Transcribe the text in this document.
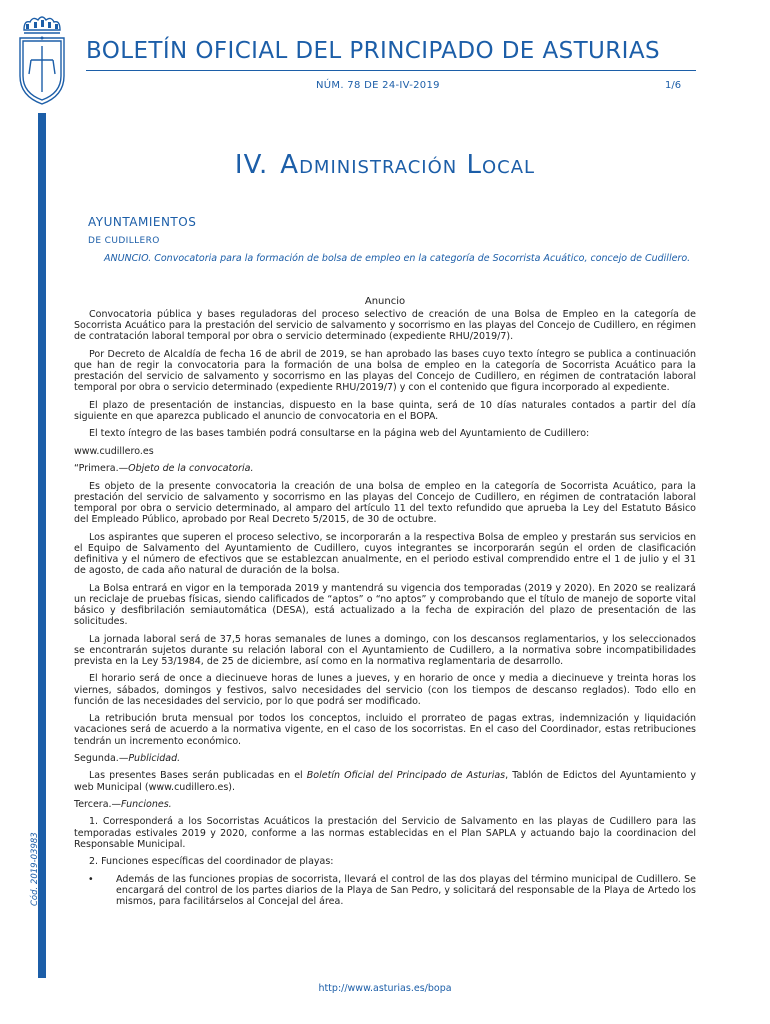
BOLETÍN OFICIAL DEL PRINCIPADO DE ASTURIAS
NÚM. 78 DE 24-IV-2019	1/6
Cód. 2019-03983
IV. Administración Local
AYUNTAMIENTOS
DE CUDILLERO
ANUNCIO. Convocatoria para la formación de bolsa de empleo en la categoría de Socorrista Acuático, concejo de Cudillero.
Anuncio

Convocatoria pública y bases reguladoras del proceso selectivo de creación de una Bolsa de Empleo en la categoría de Socorrista Acuático para la prestación del servicio de salvamento y socorrismo en las playas del Concejo de Cudillero, en régimen de contratación laboral temporal por obra o servicio determinado (expediente RHU/2019/7).

Por Decreto de Alcaldía de fecha 16 de abril de 2019, se han aprobado las bases cuyo texto íntegro se publica a continuación que han de regir la convocatoria para la formación de una bolsa de empleo en la categoría de Socorrista Acuático para la prestación del servicio de salvamento y socorrismo en las playas del Concejo de Cudillero, en régimen de contratación laboral temporal por obra o servicio determinado (expediente RHU/2019/7) y con el contenido que figura incorporado al expediente.

El plazo de presentación de instancias, dispuesto en la base quinta, será de 10 días naturales contados a partir del día siguiente en que aparezca publicado el anuncio de convocatoria en el BOPA.

El texto íntegro de las bases también podrá consultarse en la página web del Ayuntamiento de Cudillero:

www.cudillero.es

“Primera.—Objeto de la convocatoria.

Es objeto de la presente convocatoria la creación de una bolsa de empleo en la categoría de Socorrista Acuático, para la prestación del servicio de salvamento y socorrismo en las playas del Concejo de Cudillero, en régimen de contratación laboral temporal por obra o servicio determinado, al amparo del artículo 11 del texto refundido que aprueba la Ley del Estatuto Básico del Empleado Público, aprobado por Real Decreto 5/2015, de 30 de octubre.

Los aspirantes que superen el proceso selectivo, se incorporarán a la respectiva Bolsa de empleo y prestarán sus servicios en el Equipo de Salvamento del Ayuntamiento de Cudillero, cuyos integrantes se incorporarán según el orden de clasificación definitiva y el número de efectivos que se establezcan anualmente, en el periodo estival comprendido entre el 1 de julio y el 31 de agosto, de cada año natural de duración de la bolsa.

La Bolsa entrará en vigor en la temporada 2019 y mantendrá su vigencia dos temporadas (2019 y 2020). En 2020 se realizará un reciclaje de pruebas físicas, siendo calificados de “aptos” o “no aptos” y comprobando que el título de manejo de soporte vital básico y desfibrilación semiautomática (DESA), está actualizado a la fecha de expiración del plazo de presentación de las solicitudes.

La jornada laboral será de 37,5 horas semanales de lunes a domingo, con los descansos reglamentarios, y los seleccionados se encontrarán sujetos durante su relación laboral con el Ayuntamiento de Cudillero, a la normativa sobre incompatibilidades prevista en la Ley 53/1984, de 25 de diciembre, así como en la normativa reglamentaria de desarrollo.

El horario será de once a diecinueve horas de lunes a jueves, y en horario de once y media a diecinueve y treinta horas los viernes, sábados, domingos y festivos, salvo necesidades del servicio (con los tiempos de descanso reglados). Todo ello en función de las necesidades del servicio, por lo que podrá ser modificado.

La retribución bruta mensual por todos los conceptos, incluido el prorrateo de pagas extras, indemnización y liquidación vacaciones será de acuerdo a la normativa vigente, en el caso de los socorristas. En el caso del Coordinador, estas retribuciones tendrán un incremento económico.

Segunda.—Publicidad.

Las presentes Bases serán publicadas en el Boletín Oficial del Principado de Asturias, Tablón de Edictos del Ayuntamiento y web Municipal (www.cudillero.es).

Tercera.—Funciones.

1. Corresponderá a los Socorristas Acuáticos la prestación del Servicio de Salvamento en las playas de Cudillero para las temporadas estivales 2019 y 2020, conforme a las normas establecidas en el Plan SAPLA y actuando bajo la coordinacion del Responsable Municipal.

2. Funciones específicas del coordinador de playas:

•	Además de las funciones propias de socorrista, llevará el control de las dos playas del término municipal de Cudillero. Se encargará del control de los partes diarios de la Playa de San Pedro, y solicitará del responsable de la Playa de Artedo los mismos, para facilitárselos al Concejal del área.
http://www.asturias.es/bopa
